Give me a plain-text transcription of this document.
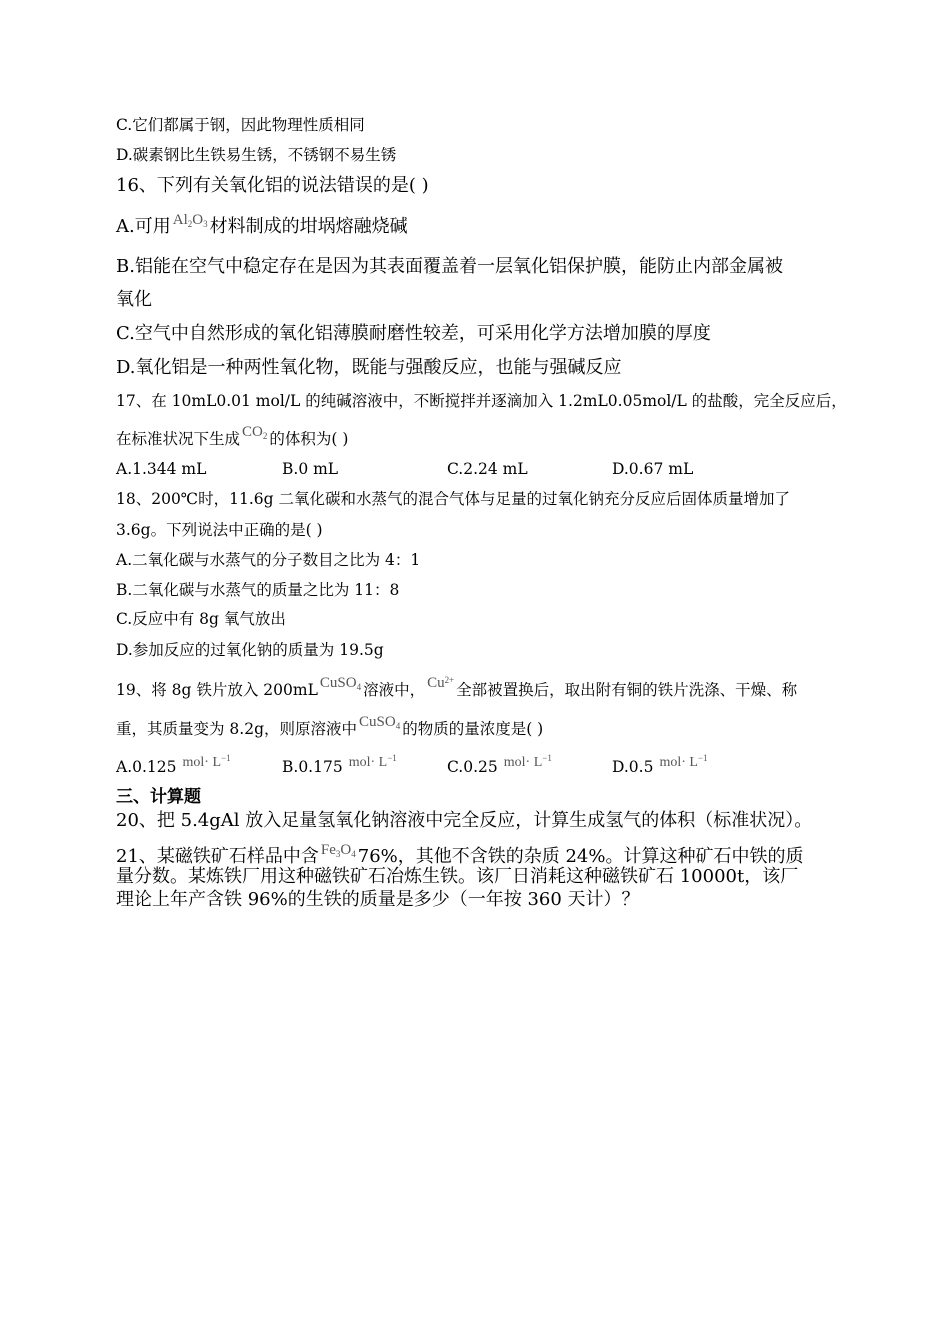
C.它们都属于钢，因此物理性质相同
D.碳素钢比生铁易生锈，不锈钢不易生锈
16、下列有关氧化铝的说法错误的是( )
A.可用 $^{Al_2O_3}$ 材料制成的坩埚熔融烧碱
B.铝能在空气中稳定存在是因为其表面覆盖着一层氧化铝保护膜，能防止内部金属被
氧化
C.空气中自然形成的氧化铝薄膜耐磨性较差，可采用化学方法增加膜的厚度
D.氧化铝是一种两性氧化物，既能与强酸反应，也能与强碱反应
17、在 10mL0.01 mol/L 的纯碱溶液中，不断搅拌并逐滴加入 1.2mL0.05mol/L 的盐酸，完全反应后，
在标准状况下生成 $CO_2$ 的体积为( )
A.1.344 mL	B.0 mL	C.2.24 mL	D.0.67 mL
18、200℃时，11.6g 二氧化碳和水蒸气的混合气体与足量的过氧化钠充分反应后固体质量增加了
3.6g。下列说法中正确的是( )
A.二氧化碳与水蒸气的分子数目之比为 4：1
B.二氧化碳与水蒸气的质量之比为 11：8
C.反应中有 8g 氧气放出
D.参加反应的过氧化钠的质量为 19.5g
19、将 8g 铁片放入 200mL CuSO$_4$ 溶液中， $Cu^{2+}$全部被置换后，取出附有铜的铁片洗涤、干燥、称
重，其质量变为 8.2g，则原溶液中 CuSO$_4$ 的物质的量浓度是( )
A.0.125 $mol\cdot L^{-1}$	B.0.175 $mol\cdot L^{-1}$	C.0.25 $mol\cdot L^{-1}$	D.0.5 $mol\cdot L^{-1}$
三、计算题
20、把 5.4gAl 放入足量氢氧化钠溶液中完全反应，计算生成氢气的体积（标准状况）。
21、某磁铁矿石样品中含 $^{Fe_3O_4}$ 76%，其他不含铁的杂质 24%。计算这种矿石中铁的质
量分数。某炼铁厂用这种磁铁矿石冶炼生铁。该厂日消耗这种磁铁矿石 10000t，该厂
理论上年产含铁 96%的生铁的质量是多少（一年按 360 天计）？
